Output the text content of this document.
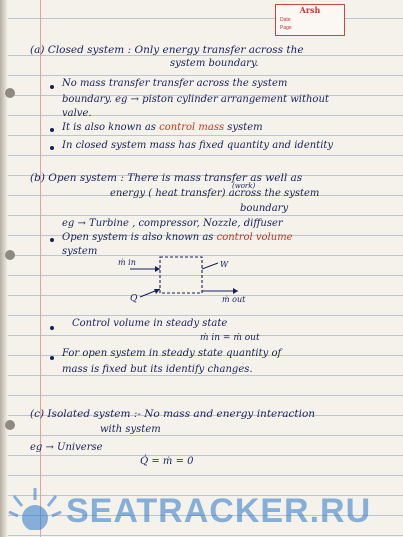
Arsh
Date
Page
(a) Closed system : Only energy transfer across the
system boundary.
No mass transfer transfer across the system
boundary. eg → piston cylinder arrangement without
valve.
It is also known as control mass system
In closed system mass has fixed quantity and identity
(b) Open system : There is mass transfer as well as
(work)
energy ( heat transfer) across the system
boundary
eg → Turbine , compressor, Nozzle, diffuser
Open system is also known as control volume
system
ṁ in
Q
W
ṁ out
Control volume in steady state
ṁ in = ṁ out
For open system in steady state quantity of
mass is fixed but its identify changes.
(c) Isolated system :- No mass and energy interaction
with system
eg → Universe
Q̇ = ṁ = 0
SEATRACKER.RU
